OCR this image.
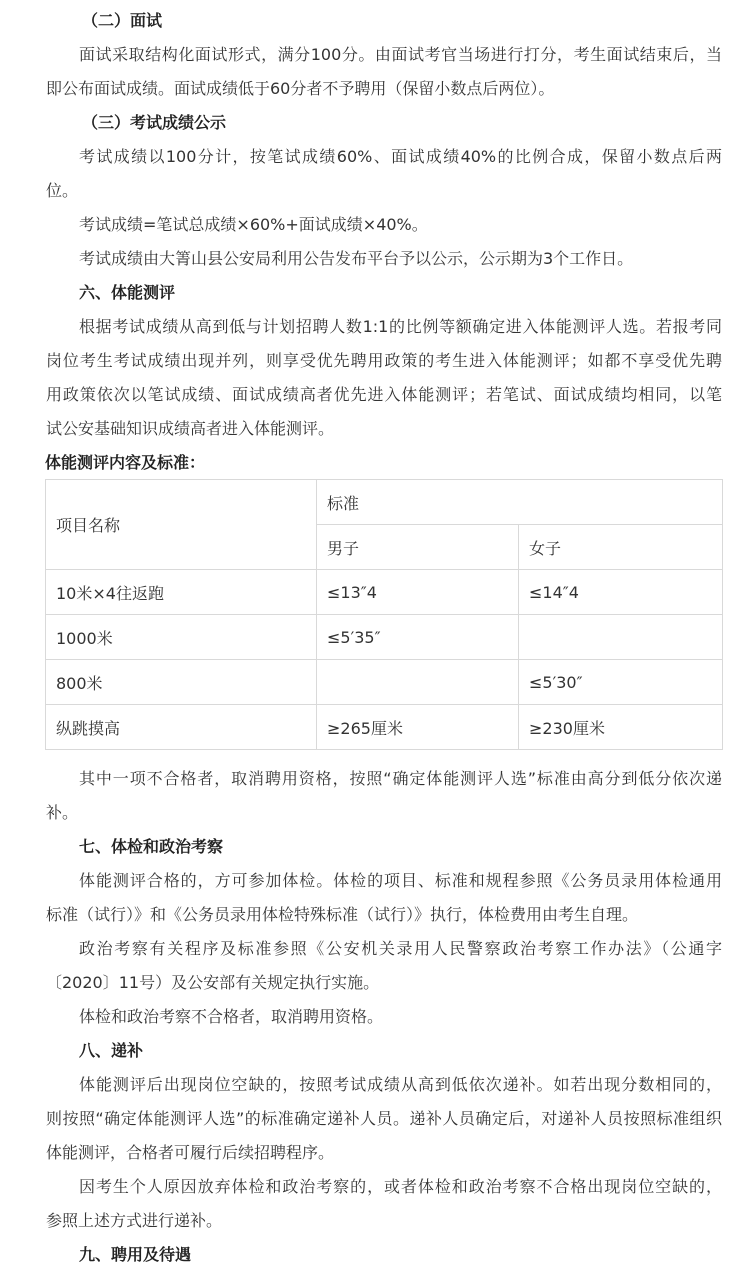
（二）面试

面试采取结构化面试形式，满分100分。由面试考官当场进行打分，考生面试结束后，当

即公布面试成绩。面试成绩低于60分者不予聘用（保留小数点后两位）。

（三）考试成绩公示

考试成绩以100分计，按笔试成绩60%、面试成绩40%的比例合成，保留小数点后两

位。

考试成绩=笔试总成绩×60%+面试成绩×40%。

考试成绩由大箐山县公安局利用公告发布平台予以公示，公示期为3个工作日。

六、体能测评

根据考试成绩从高到低与计划招聘人数1:1的比例等额确定进入体能测评人选。若报考同

岗位考生考试成绩出现并列，则享受优先聘用政策的考生进入体能测评；如都不享受优先聘

用政策依次以笔试成绩、面试成绩高者优先进入体能测评；若笔试、面试成绩均相同，以笔

试公安基础知识成绩高者进入体能测评。

体能测评内容及标准：

项目名称	标准	
	男子	女子
10米×4往返跑	≤13″4	≤14″4
1000米	≤5′35″	
800米		≤5′30″
纵跳摸高	≥265厘米	≥230厘米

其中一项不合格者，取消聘用资格，按照“确定体能测评人选”标准由高分到低分依次递

补。

七、体检和政治考察

体能测评合格的，方可参加体检。体检的项目、标准和规程参照《公务员录用体检通用

标准（试行）》和《公务员录用体检特殊标准（试行）》执行，体检费用由考生自理。

政治考察有关程序及标准参照《公安机关录用人民警察政治考察工作办法》（公通字

〔2020〕11号）及公安部有关规定执行实施。

体检和政治考察不合格者，取消聘用资格。

八、递补

体能测评后出现岗位空缺的，按照考试成绩从高到低依次递补。如若出现分数相同的，

则按照“确定体能测评人选”的标准确定递补人员。递补人员确定后，对递补人员按照标准组织

体能测评，合格者可履行后续招聘程序。

因考生个人原因放弃体检和政治考察的，或者体检和政治考察不合格出现岗位空缺的，

参照上述方式进行递补。

九、聘用及待遇
